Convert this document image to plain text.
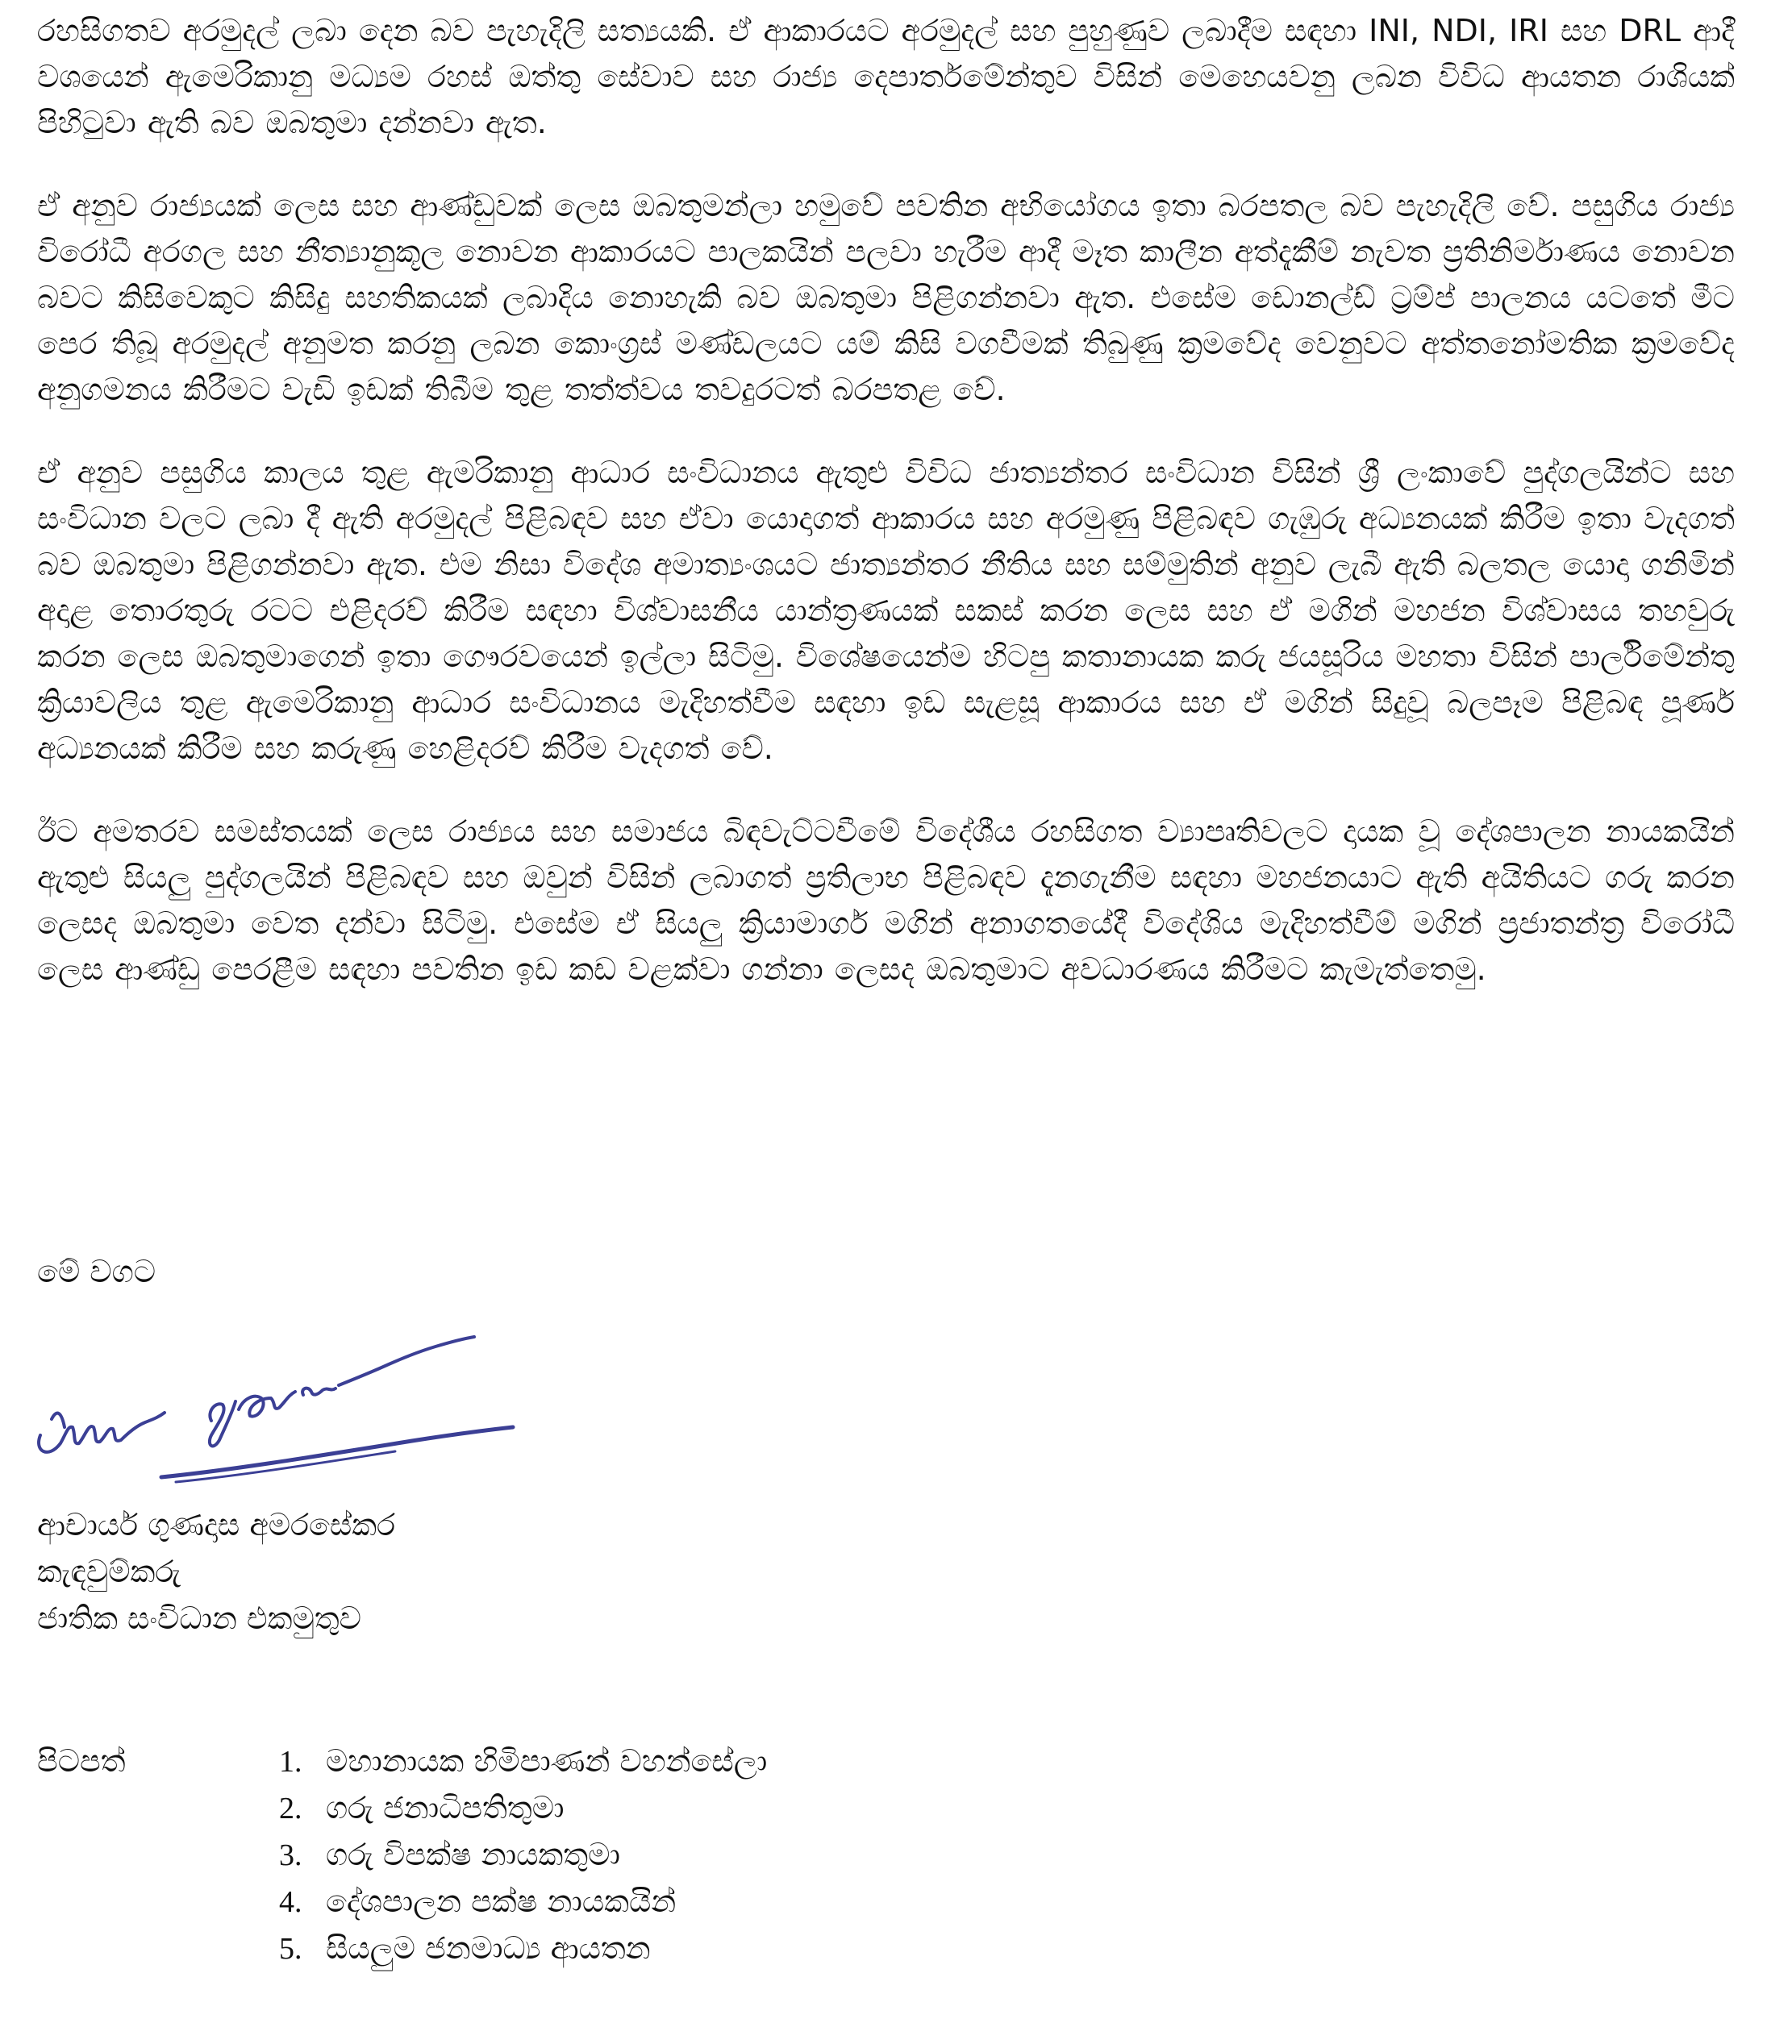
රහසිගතව අරමුදල් ලබා දෙන බව පැහැදිලි සත්‍යයකි. ඒ ආකාරයට අරමුදල් සහ පුහුණුව ලබාදීම සඳහා INI, NDI, IRI සහ DRL ආදී වශයෙන් ඇමෙරිකානු මධ්‍යම රහස් ඔත්තු සේවාව සහ රාජ්‍ය දෙපාර්තමේන්තුව විසින් මෙහෙයවනු ලබන විවිධ ආයතන රාශියක් පිහිටුවා ඇති බව ඔබතුමා දන්නවා ඇත.

ඒ අනුව රාජ්‍යයක් ලෙස සහ ආණ්ඩුවක් ලෙස ඔබතුමන්ලා හමුවේ පවතින අභියෝගය ඉතා බරපතල බව පැහැදිලි වේ. පසුගිය රාජ්‍ය විරෝධී අරගල සහ නීත්‍යානුකූල නොවන ආකාරයට පාලකයින් පලවා හැරීම ආදී මෑත කාලීන අත්දැකීම් නැවත ප්‍රතිනිර්මාණය නොවන බවට කිසිවෙකුට කිසිදු සහතිකයක් ලබාදිය නොහැකි බව ඔබතුමා පිළිගන්නවා ඇත. එසේම ඩොනල්ඩ් ට්‍රම්ප් පාලනය යටතේ මීට පෙර තිබූ අරමුදල් අනුමත කරනු ලබන කොංග්‍රස් මණ්ඩලයට යම් කිසි වගවීමක් තිබුණු ක්‍රමවේද වෙනුවට අත්තනෝමතික ක්‍රමවේද අනුගමනය කිරීමට වැඩි ඉඩක් තිබීම තුළ තත්ත්වය තවදුරටත් බරපතළ වේ.

ඒ අනුව පසුගිය කාලය තුළ ඇමරිකානු ආධාර සංවිධානය ඇතුළු විවිධ ජාත්‍යන්තර සංවිධාන විසින් ශ්‍රී ලංකාවේ පුද්ගලයින්ට සහ සංවිධාන වලට ලබා දී ඇති අරමුදල් පිළිබඳව සහ ඒවා යොදාගත් ආකාරය සහ අරමුණු පිළිබඳව ගැඹුරු අධ්‍යනයක් කිරීම ඉතා වැදගත් බව ඔබතුමා පිළිගන්නවා ඇත. එම නිසා විදේශ අමාත්‍යංශයට ජාත්‍යන්තර නීතිය සහ සම්මුතින් අනුව ලැබී ඇති බලතල යොදා ගනිමින් අදාළ තොරතුරු රටට එළිදරව් කිරීම සඳහා විශ්වාසනීය යාන්ත්‍රණයක් සකස් කරන ලෙස සහ ඒ මගින් මහජන විශ්වාසය තහවුරු කරන ලෙස ඔබතුමාගෙන් ඉතා ගෞරවයෙන් ඉල්ලා සිටිමු. විශේෂයෙන්ම හිටපු කතානායක කරු ජයසූරිය මහතා විසින් පාර්ලිමේන්තු ක්‍රියාවලිය තුළ ඇමෙරිකානු ආධාර සංවිධානය මැදිහත්වීම සඳහා ඉඩ සැළසූ ආකාරය සහ ඒ මගින් සිදුවූ බලපෑම පිළිබඳ පූර්ණ අධ්‍යනයක් කිරීම සහ කරුණු හෙළිදරව් කිරීම වැදගත් වේ.

ඊට අමතරව සමස්තයක් ලෙස රාජ්‍යය සහ සමාජය බිඳවැට්ටවීමේ විදේශීය රහසිගත ව්‍යාපෘතිවලට දායක වූ දේශපාලන නායකයින් ඇතුළු සියලු පුද්ගලයින් පිළිබඳව සහ ඔවුන් විසින් ලබාගත් ප්‍රතිලාභ පිළිබඳව දැනගැනීම සඳහා මහජනයාට ඇති අයිතියට ගරු කරන ලෙසද ඔබතුමා වෙත දන්වා සිටිමු. එසේම ඒ සියලු ක්‍රියාමාර්ග මගින් අනාගතයේදී විදේශිය මැදිහත්වීම් මගින් ප්‍රජාතන්ත්‍ර විරෝධී ලෙස ආණ්ඩු පෙරළීම සඳහා පවතින ඉඩ කඩ වළක්වා ගන්නා ලෙසද ඔබතුමාට අවධාරණය කිරීමට කැමැත්තෙමු.

මේ වගට

ආචාර්ය ගුණදාස අමරසේකර
කැඳවුම්කරු
ජාතික සංවිධාන එකමුතුව
පිටපත්	1. මහානායක හිමිපාණන් වහන්සේලා
2. ගරු ජනාධිපතිතුමා
3. ගරු විපක්ෂ නායකතුමා
4. දේශපාලන පක්ෂ නායකයින්
5. සියලුම ජනමාධ්‍ය ආයතන
